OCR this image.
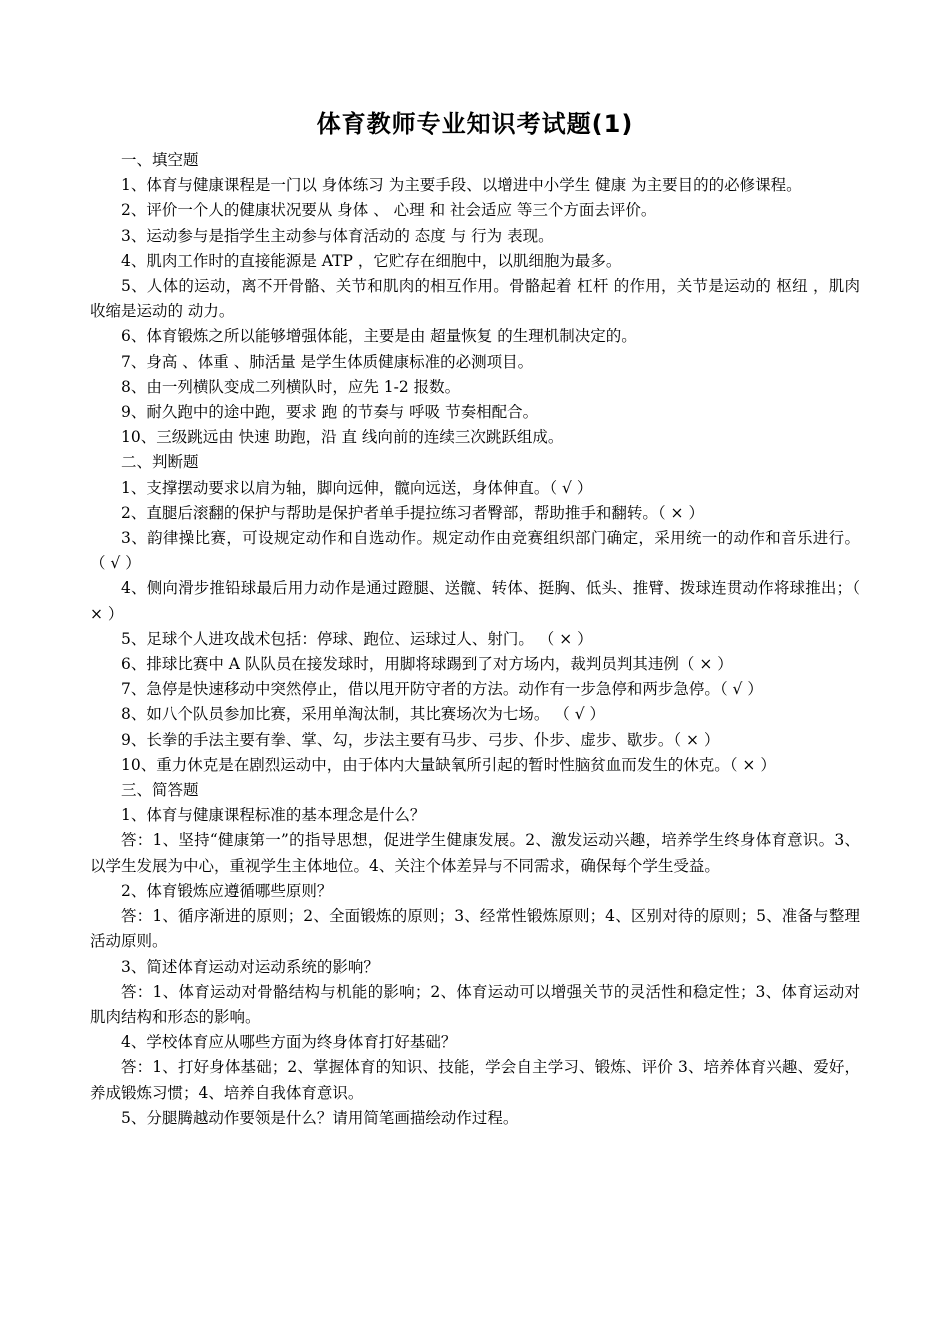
体育教师专业知识考试题(1)

一、填空题

1、体育与健康课程是一门以 身体练习 为主要手段、以增进中小学生 健康 为主要目的的必修课程。

2、评价一个人的健康状况要从 身体 、 心理 和 社会适应 等三个方面去评价。

3、运动参与是指学生主动参与体育活动的 态度 与 行为 表现。

4、肌肉工作时的直接能源是 ATP ，它贮存在细胞中，以肌细胞为最多。

5、人体的运动，离不开骨骼、关节和肌肉的相互作用。骨骼起着 杠杆 的作用，关节是运动的 枢纽 ，肌肉收缩是运动的 动力。

6、体育锻炼之所以能够增强体能，主要是由 超量恢复 的生理机制决定的。

7、身高 、体重 、肺活量 是学生体质健康标准的必测项目。

8、由一列横队变成二列横队时，应先 1-2 报数。

9、耐久跑中的途中跑，要求 跑 的节奏与 呼吸 节奏相配合。

10、三级跳远由 快速 助跑，沿 直 线向前的连续三次跳跃组成。

二、判断题

1、支撑摆动要求以肩为轴，脚向远伸，髋向远送，身体伸直。（ √ ）

2、直腿后滚翻的保护与帮助是保护者单手提拉练习者臀部，帮助推手和翻转。（ × ）

3、韵律操比赛，可设规定动作和自选动作。规定动作由竞赛组织部门确定，采用统一的动作和音乐进行。 （ √ ）

4、侧向滑步推铅球最后用力动作是通过蹬腿、送髋、转体、挺胸、低头、推臂、拨球连贯动作将球推出；（ × ）

5、足球个人进攻战术包括：停球、跑位、运球过人、射门。 （ × ）

6、排球比赛中 A 队队员在接发球时，用脚将球踢到了对方场内，裁判员判其违例（ × ）

7、急停是快速移动中突然停止，借以甩开防守者的方法。动作有一步急停和两步急停。（ √ ）

8、如八个队员参加比赛，采用单淘汰制，其比赛场次为七场。 （ √ ）

9、长拳的手法主要有拳、掌、勾，步法主要有马步、弓步、仆步、虚步、歇步。（ × ）

10、重力休克是在剧烈运动中，由于体内大量缺氧所引起的暂时性脑贫血而发生的休克。（ × ）

三、简答题

1、体育与健康课程标准的基本理念是什么？

答：1、坚持“健康第一”的指导思想，促进学生健康发展。2、激发运动兴趣，培养学生终身体育意识。3、以学生发展为中心，重视学生主体地位。4、关注个体差异与不同需求，确保每个学生受益。

2、体育锻炼应遵循哪些原则？

答：1、循序渐进的原则；2、全面锻炼的原则；3、经常性锻炼原则；4、区别对待的原则；5、准备与整理活动原则。

3、简述体育运动对运动系统的影响？

答：1、体育运动对骨骼结构与机能的影响；2、体育运动可以增强关节的灵活性和稳定性；3、体育运动对肌肉结构和形态的影响。

4、学校体育应从哪些方面为终身体育打好基础？

答：1、打好身体基础；2、掌握体育的知识、技能，学会自主学习、锻炼、评价 3、培养体育兴趣、爱好，养成锻炼习惯；4、培养自我体育意识。

5、分腿腾越动作要领是什么？请用简笔画描绘动作过程。
